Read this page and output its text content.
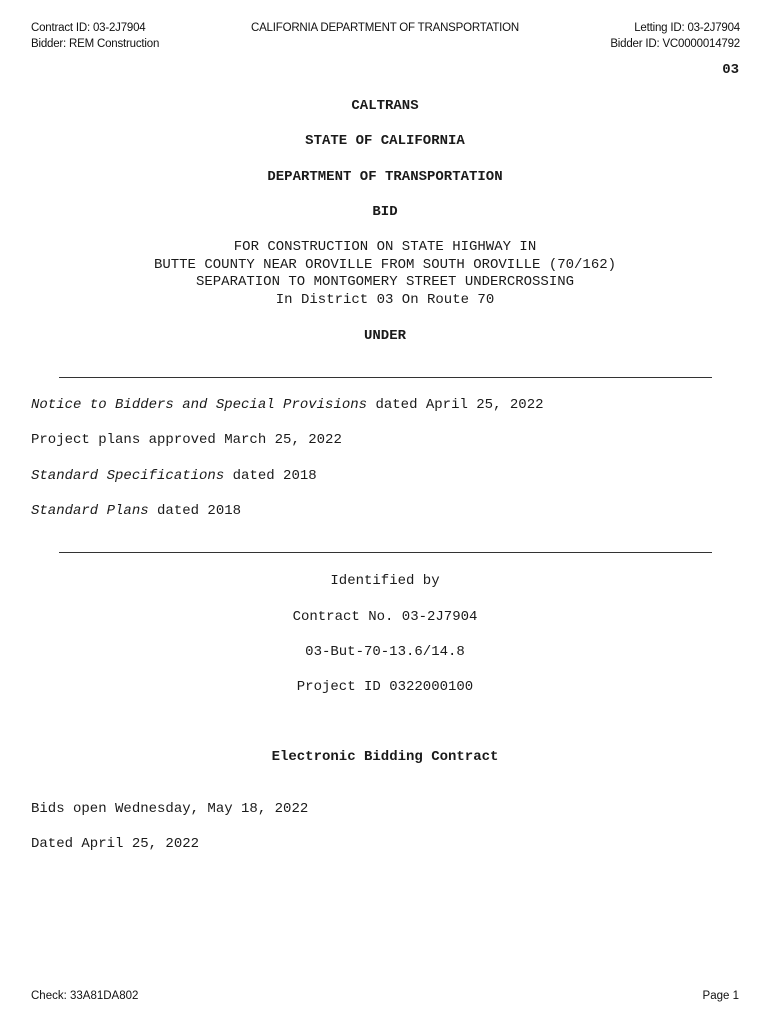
Contract ID: 03-2J7904
Bidder: REM Construction
CALIFORNIA DEPARTMENT OF TRANSPORTATION	Letting ID: 03-2J7904
Bidder ID: VC0000014792
03
CALTRANS
STATE OF CALIFORNIA
DEPARTMENT OF TRANSPORTATION
BID
FOR CONSTRUCTION ON STATE HIGHWAY IN
BUTTE COUNTY NEAR OROVILLE FROM SOUTH OROVILLE (70/162)
SEPARATION TO MONTGOMERY STREET UNDERCROSSING
In District 03 On Route 70
UNDER
Notice to Bidders and Special Provisions dated April 25, 2022
Project plans approved March 25, 2022
Standard Specifications dated 2018
Standard Plans dated 2018
Identified by
Contract No. 03-2J7904
03-But-70-13.6/14.8
Project ID 0322000100
Electronic Bidding Contract
Bids open Wednesday, May 18, 2022
Dated April 25, 2022
Check: 33A81DA802	Page 1
